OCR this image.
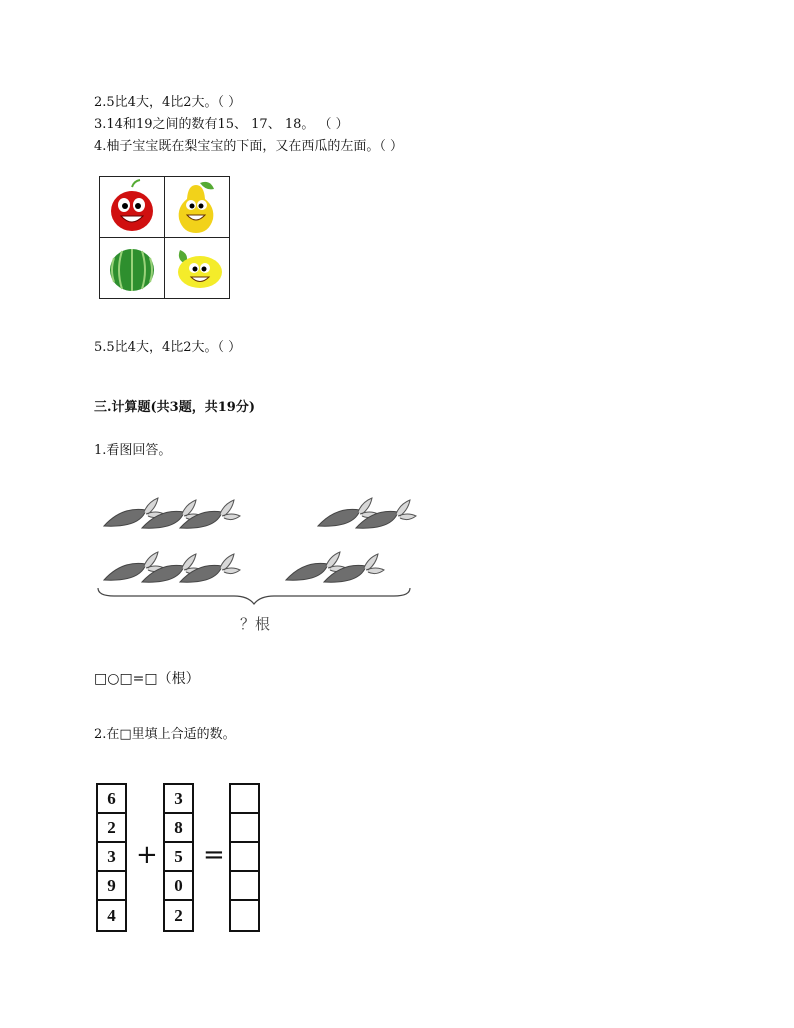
2.5比4大，4比2大。（ ）
3.14和19之间的数有15、 17、 18。 （ ）
4.柚子宝宝既在梨宝宝的下面，又在西瓜的左面。（ ）
5.5比4大，4比2大。（ ）
三.计算题(共3题，共19分)
1.看图回答。
？根
□○□=□（根）
2.在□里填上合适的数。
6
2
3
9
4
+
3
8
5
0
2
=
